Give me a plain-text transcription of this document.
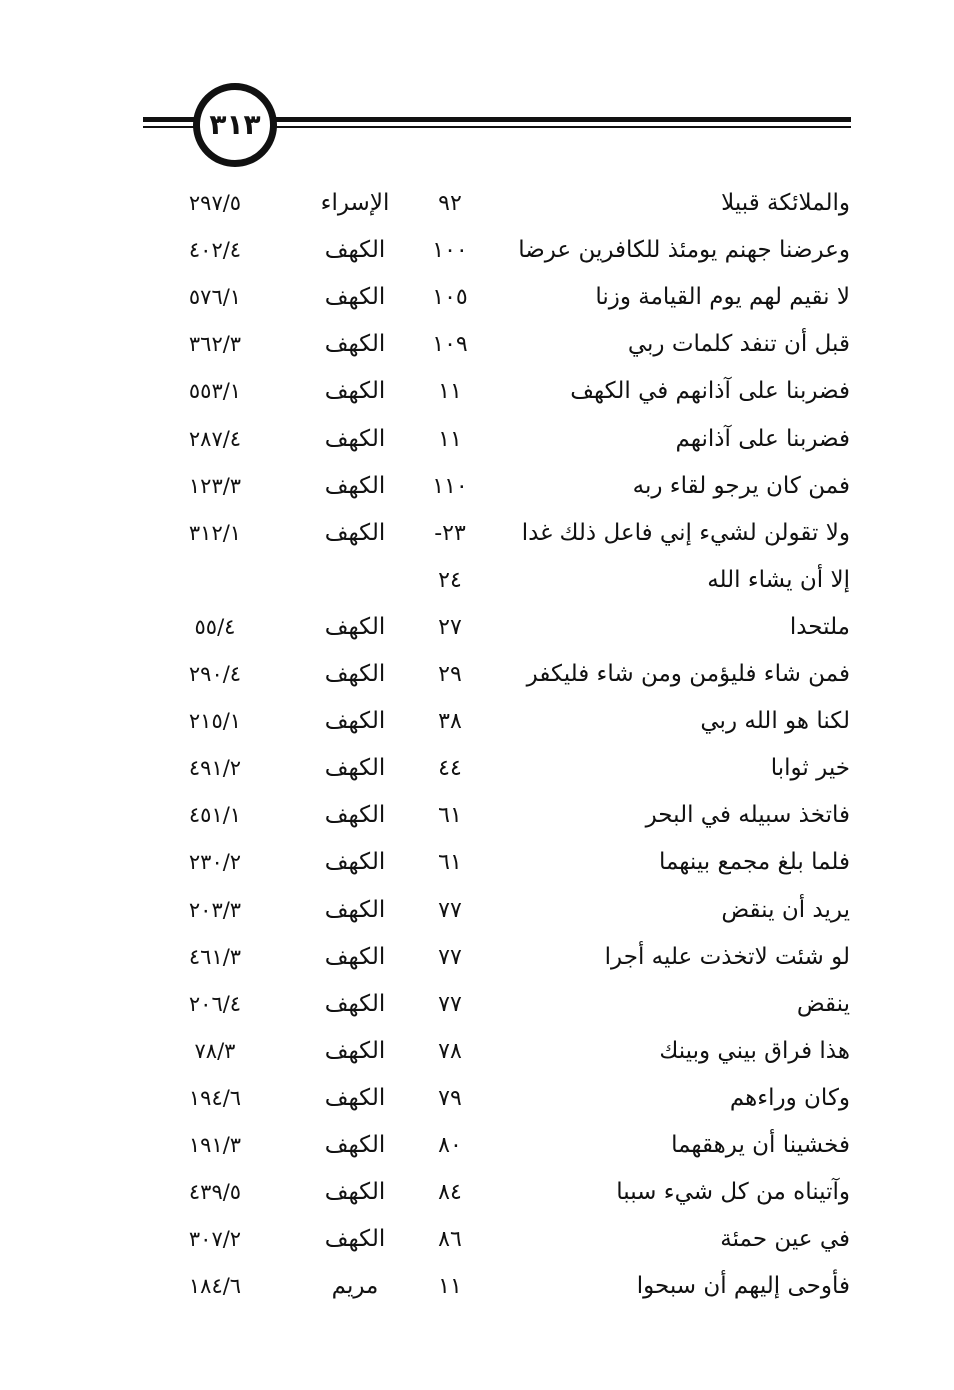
٣١٣
والملائكة قبيلا
٩٢
الإسراء
٢٩٧/٥
وعرضنا جهنم يومئذ للكافرين عرضا
١٠٠
الكهف
٤٠٢/٤
لا نقيم لهم يوم القيامة وزنا
١٠٥
الكهف
٥٧٦/١
قبل أن تنفد كلمات ربي
١٠٩
الكهف
٣٦٢/٣
فضربنا على آذانهم في الكهف
١١
الكهف
٥٥٣/١
فضربنا على آذانهم
١١
الكهف
٢٨٧/٤
فمن كان يرجو لقاء ربه
١١٠
الكهف
١٢٣/٣
ولا تقولن لشيء إني فاعل ذلك غدا
٢٣-
الكهف
٣١٢/١
إلا أن يشاء الله
٢٤
ملتحدا
٢٧
الكهف
٥٥/٤
فمن شاء فليؤمن ومن شاء فليكفر
٢٩
الكهف
٢٩٠/٤
لكنا هو الله ربي
٣٨
الكهف
٢١٥/١
خير ثوابا
٤٤
الكهف
٤٩١/٢
فاتخذ سبيله في البحر
٦١
الكهف
٤٥١/١
فلما بلغ مجمع بينهما
٦١
الكهف
٢٣٠/٢
يريد أن ينقض
٧٧
الكهف
٢٠٣/٣
لو شئت لاتخذت عليه أجرا
٧٧
الكهف
٤٦١/٣
ينقض
٧٧
الكهف
٢٠٦/٤
هذا فراق بيني وبينك
٧٨
الكهف
٧٨/٣
وكان وراءهم
٧٩
الكهف
١٩٤/٦
فخشينا أن يرهقهما
٨٠
الكهف
١٩١/٣
وآتيناه من كل شيء سببا
٨٤
الكهف
٤٣٩/٥
في عين حمئة
٨٦
الكهف
٣٠٧/٢
فأوحى إليهم أن سبحوا
١١
مريم
١٨٤/٦
